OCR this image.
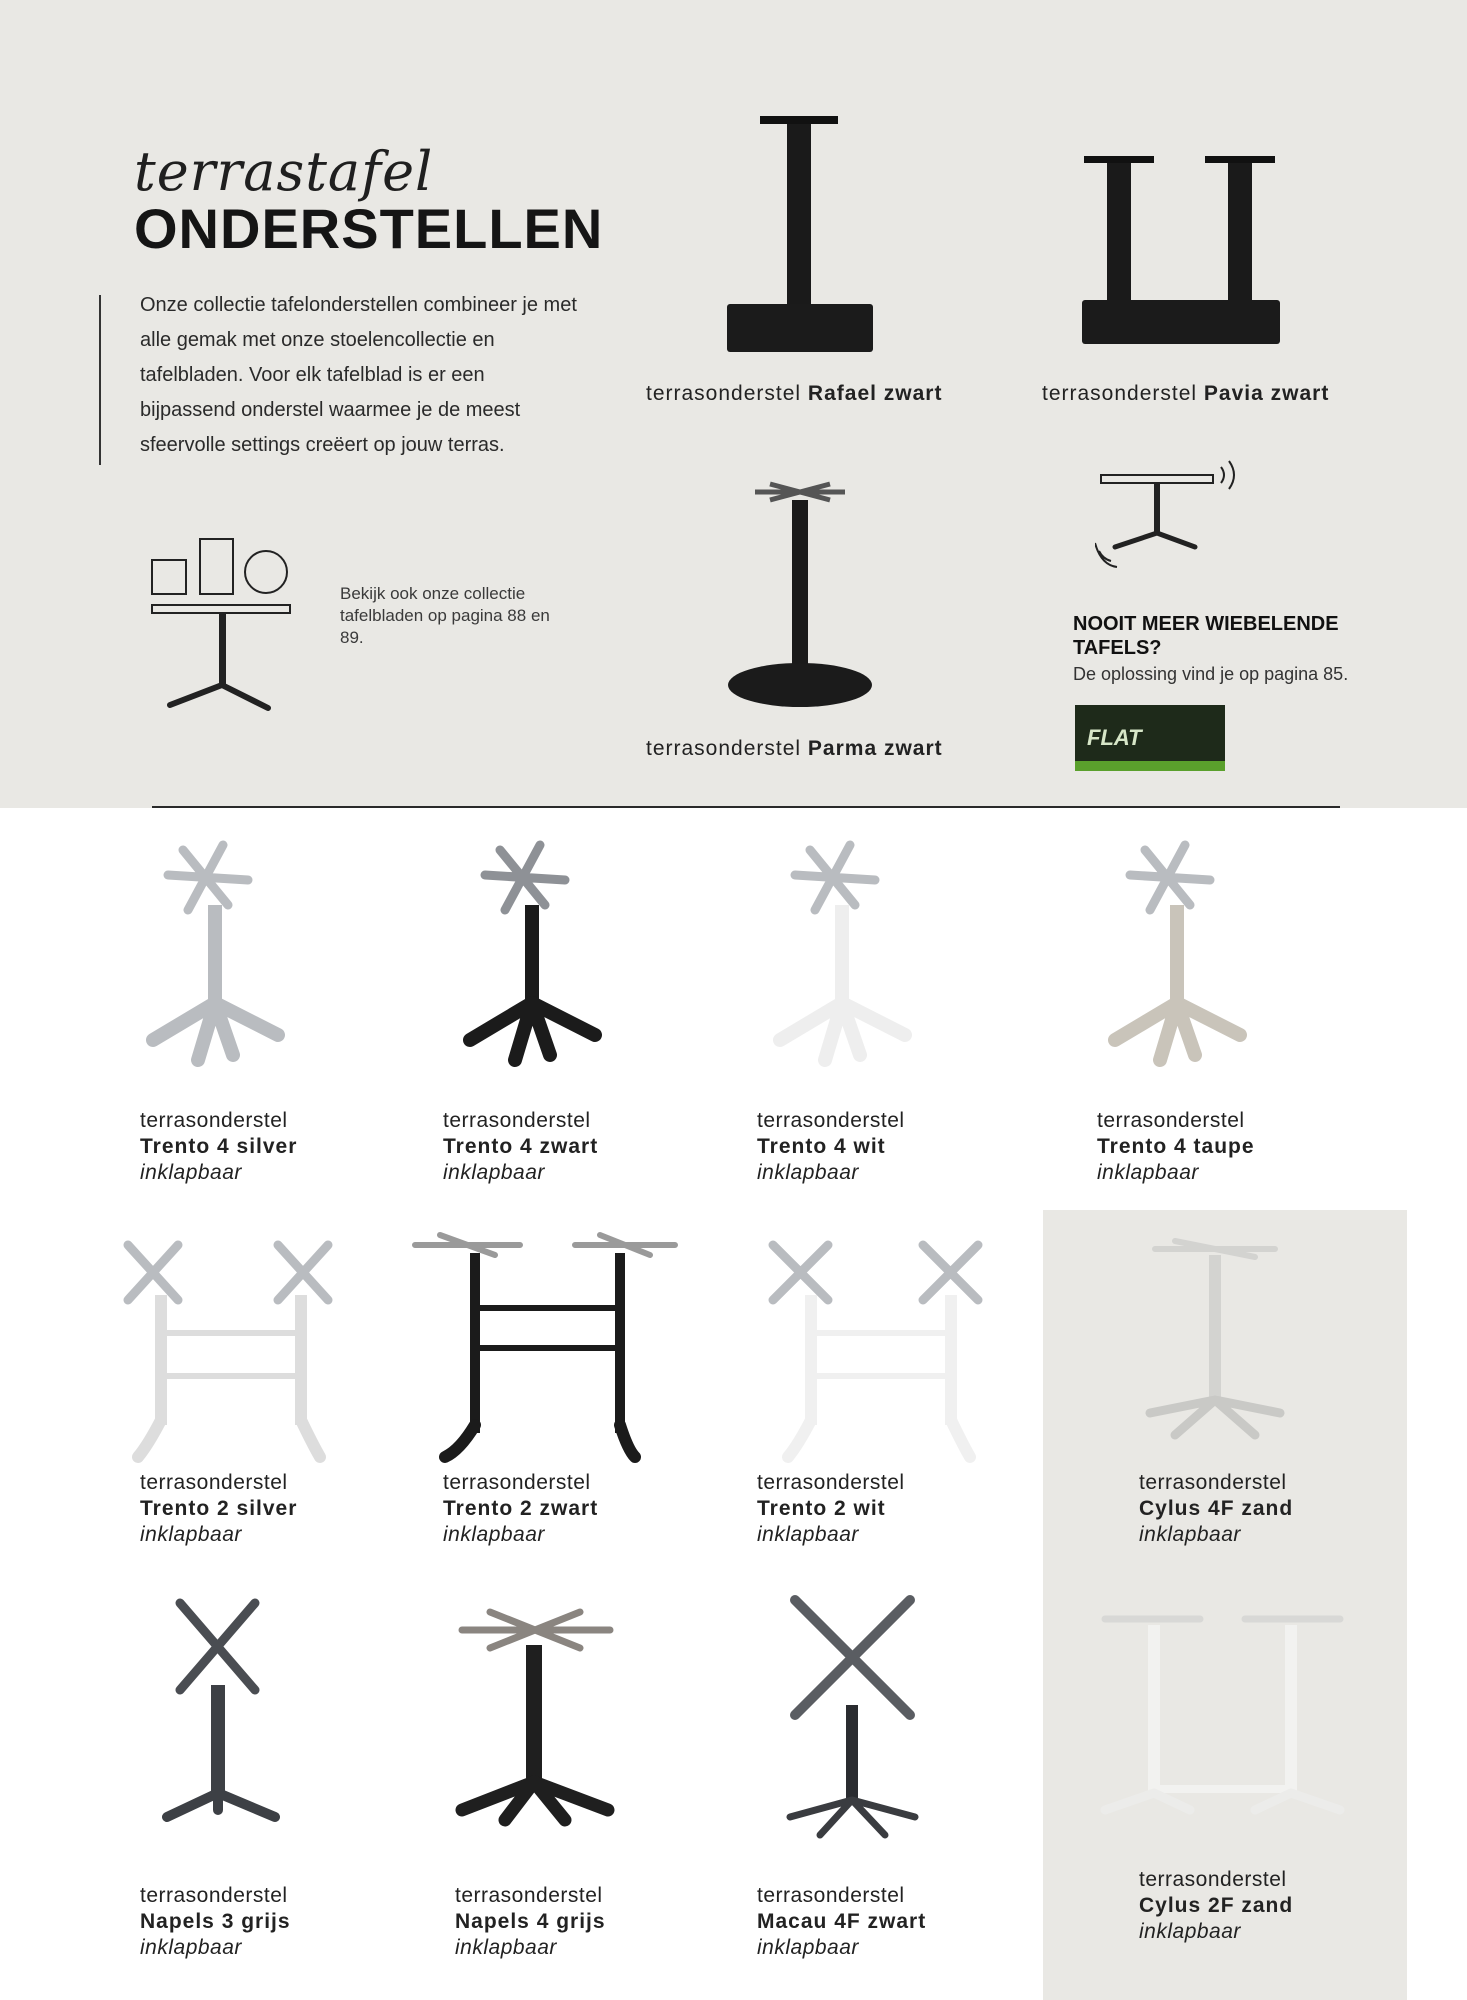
terrastafel
ONDERSTELLEN
Onze collectie tafelonderstellen combineer je met alle gemak met onze stoelencollectie en tafelbladen. Voor elk tafelblad is er een bijpassend onderstel waarmee je de meest sfeervolle settings creëert op jouw terras.
Bekijk ook onze collectie tafelbladen op pagina 88 en 89.
terrasonderstel Rafael zwart	terrasonderstel Pavia zwart
terrasonderstel Parma zwart
NOOIT MEER WIEBELENDE TAFELS?
De oplossing vind je op pagina 85.
FLAT
terrasonderstel
Trento 4 silver
inklapbaar
terrasonderstel
Trento 4 zwart
inklapbaar
terrasonderstel
Trento 4 wit
inklapbaar
terrasonderstel
Trento 4 taupe
inklapbaar
terrasonderstel
Trento 2 silver
inklapbaar
terrasonderstel
Trento 2 zwart
inklapbaar
terrasonderstel
Trento 2 wit
inklapbaar
terrasonderstel
Cylus 4F zand
inklapbaar
terrasonderstel
Napels 3 grijs
inklapbaar
terrasonderstel
Napels 4 grijs
inklapbaar
terrasonderstel
Macau 4F zwart
inklapbaar
terrasonderstel
Cylus 2F zand
inklapbaar
